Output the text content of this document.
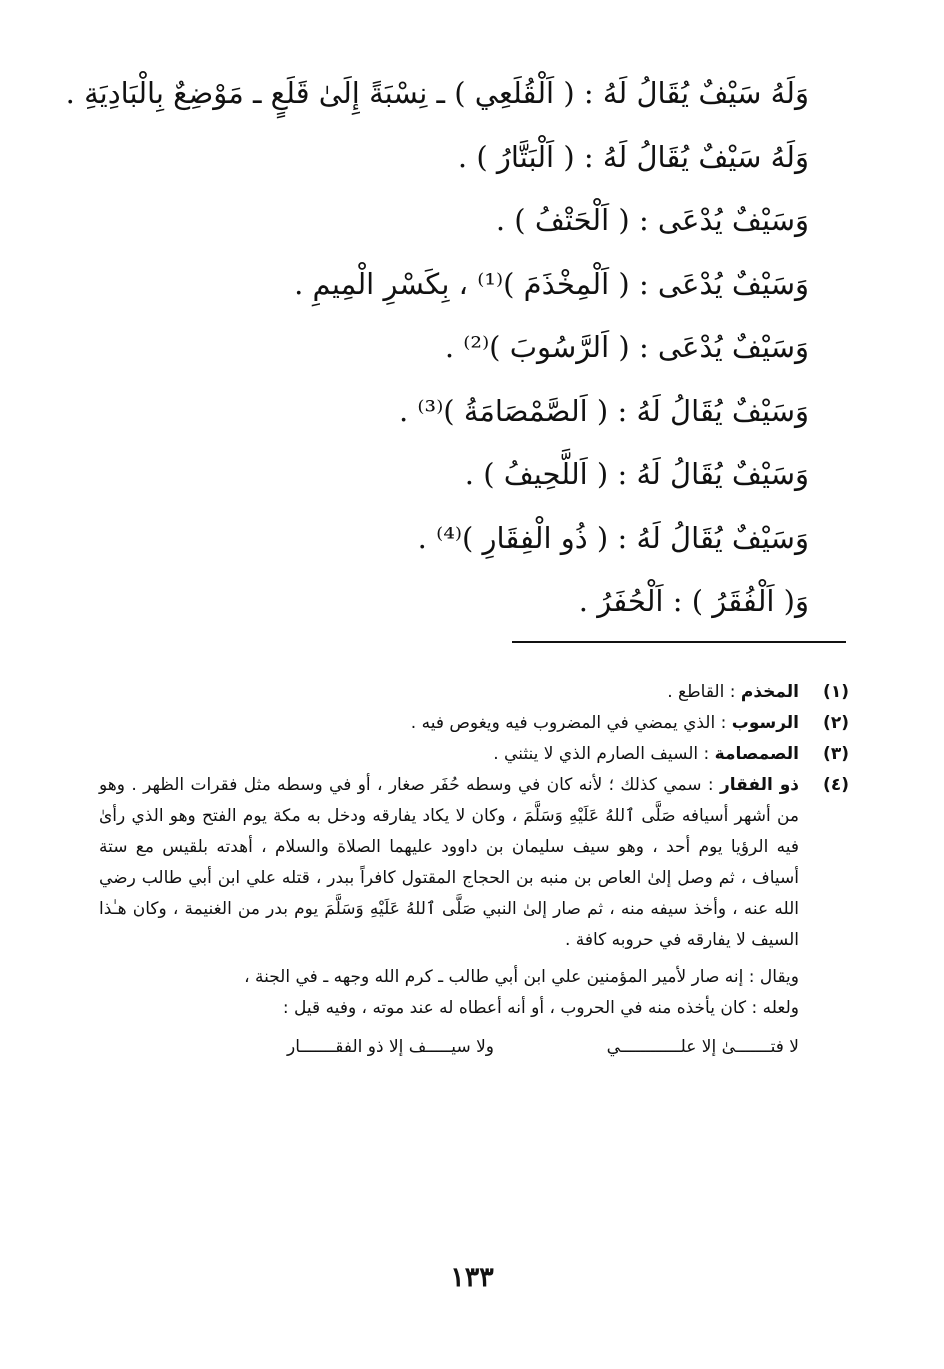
وَلَهُ سَيْفٌ يُقَالُ لَهُ : ( اَلْقُلَعِي ) ـ نِسْبَةً إِلَىٰ قَلَعٍ ـ مَوْضِعٌ بِالْبَادِيَةِ .
وَلَهُ سَيْفٌ يُقَالُ لَهُ : ( اَلْبَتَّارُ ) .
وَسَيْفٌ يُدْعَى : ( اَلْحَتْفُ ) .
وَسَيْفٌ يُدْعَى : ( اَلْمِخْذَمَ )⁽¹⁾ ، بِكَسْرِ الْمِيمِ .
وَسَيْفٌ يُدْعَى : ( اَلرَّسُوبَ )⁽²⁾ .
وَسَيْفٌ يُقَالُ لَهُ : ( اَلصَّمْصَامَةُ )⁽³⁾ .
وَسَيْفٌ يُقَالُ لَهُ : ( اَللَّحِيفُ ) .
وَسَيْفٌ يُقَالُ لَهُ : ( ذُو الْفِقَارِ )⁽⁴⁾ .
وَ( اَلْفُقَرُ ) : اَلْحُفَرُ .
(١)
المخذم : القاطع .
(٢)
الرسوب : الذي يمضي في المضروب فيه ويغوص فيه .
(٣)
الصمصامة : السيف الصارم الذي لا ينثني .
(٤)
ذو الفقار : سمي كذلك ؛ لأنه كان في وسطه حُفَر صغار ، أو في وسطه مثل فقرات الظهر . وهو من أشهر أسيافه صَلَّى ٱللهُ عَلَيْهِ وَسَلَّمَ ، وكان لا يكاد يفارقه ودخل به مكة يوم الفتح وهو الذي رأىٰ فيه الرؤيا يوم أحد ، وهو سيف سليمان بن داوود عليهما الصلاة والسلام ، أهدته بلقيس مع ستة أسياف ، ثم وصل إلىٰ العاص بن منبه بن الحجاج المقتول كافراً ببدر ، قتله علي ابن أبي طالب رضي الله عنه ، وأخذ سيفه منه ، ثم صار إلىٰ النبي صَلَّى ٱللهُ عَلَيْهِ وَسَلَّمَ يوم بدر من الغنيمة ، وكان هـٰذا السيف لا يفارقه في حروبه كافة .
ويقال : إنه صار لأمير المؤمنين علي ابن أبي طالب ـ كرم الله وجهه ـ في الجنة ،
ولعله : كان يأخذه منه في الحروب ، أو أنه أعطاه له عند موته ، وفيه قيل :
لا فتـــــــىٰ إلا علــــــــــــي
ولا سيـــــف إلا ذو الفقـــــــار
١٣٣
